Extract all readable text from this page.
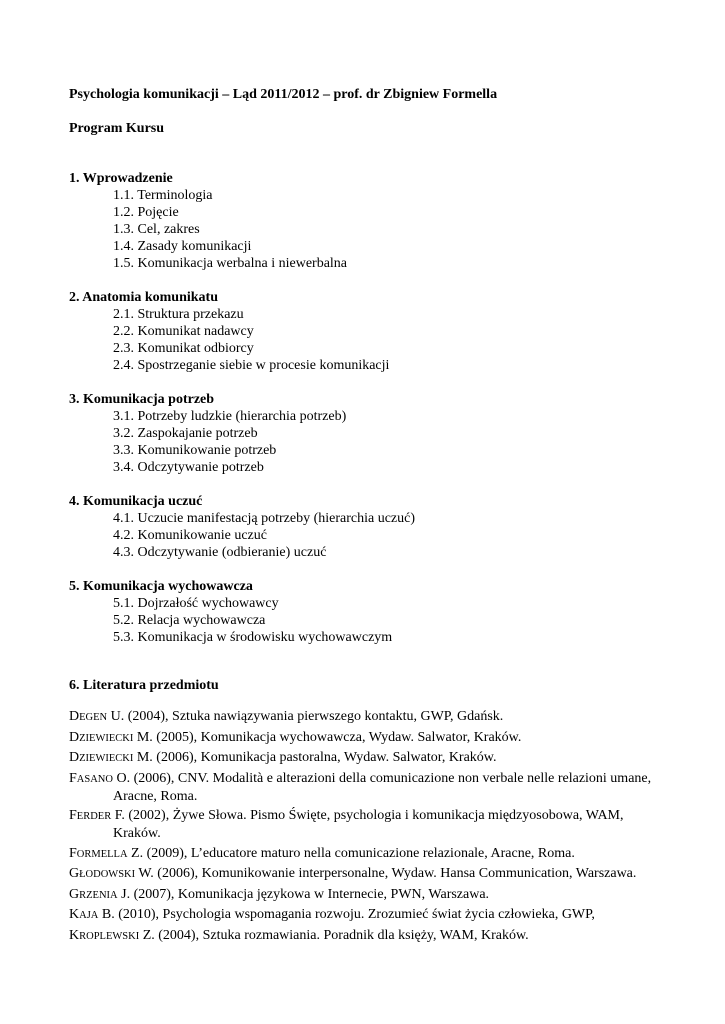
Psychologia komunikacji – Ląd 2011/2012 – prof. dr Zbigniew Formella

Program Kursu

1. Wprowadzenie

1.1. Terminologia

1.2. Pojęcie

1.3. Cel, zakres

1.4. Zasady komunikacji

1.5. Komunikacja werbalna i niewerbalna

2. Anatomia komunikatu

2.1. Struktura przekazu

2.2. Komunikat nadawcy

2.3. Komunikat odbiorcy

2.4. Spostrzeganie siebie w procesie komunikacji

3. Komunikacja potrzeb

3.1. Potrzeby ludzkie (hierarchia potrzeb)

3.2. Zaspokajanie potrzeb

3.3. Komunikowanie potrzeb

3.4. Odczytywanie potrzeb

4. Komunikacja uczuć

4.1. Uczucie manifestacją potrzeby (hierarchia uczuć)

4.2. Komunikowanie uczuć

4.3. Odczytywanie (odbieranie) uczuć

5. Komunikacja wychowawcza

5.1. Dojrzałość wychowawcy

5.2. Relacja wychowawcza

5.3. Komunikacja w środowisku wychowawczym

6. Literatura przedmiotu

DEGEN U. (2004), Sztuka nawiązywania pierwszego kontaktu, GWP, Gdańsk.

DZIEWIECKI M. (2005), Komunikacja wychowawcza, Wydaw. Salwator, Kraków.

DZIEWIECKI M. (2006), Komunikacja pastoralna, Wydaw. Salwator, Kraków.

FASANO O. (2006), CNV. Modalità e alterazioni della comunicazione non verbale nelle relazioni umane, Aracne, Roma.

FERDER F. (2002), Żywe Słowa. Pismo Święte, psychologia i komunikacja międzyosobowa, WAM, Kraków.

FORMELLA Z. (2009), L’educatore maturo nella comunicazione relazionale, Aracne, Roma.

GŁODOWSKI W. (2006), Komunikowanie interpersonalne, Wydaw. Hansa Communication, Warszawa.

GRZENIA J. (2007), Komunikacja językowa w Internecie, PWN, Warszawa.

KAJA B. (2010), Psychologia wspomagania rozwoju. Zrozumieć świat życia człowieka, GWP,

KROPLEWSKI Z. (2004), Sztuka rozmawiania. Poradnik dla księży, WAM, Kraków.
